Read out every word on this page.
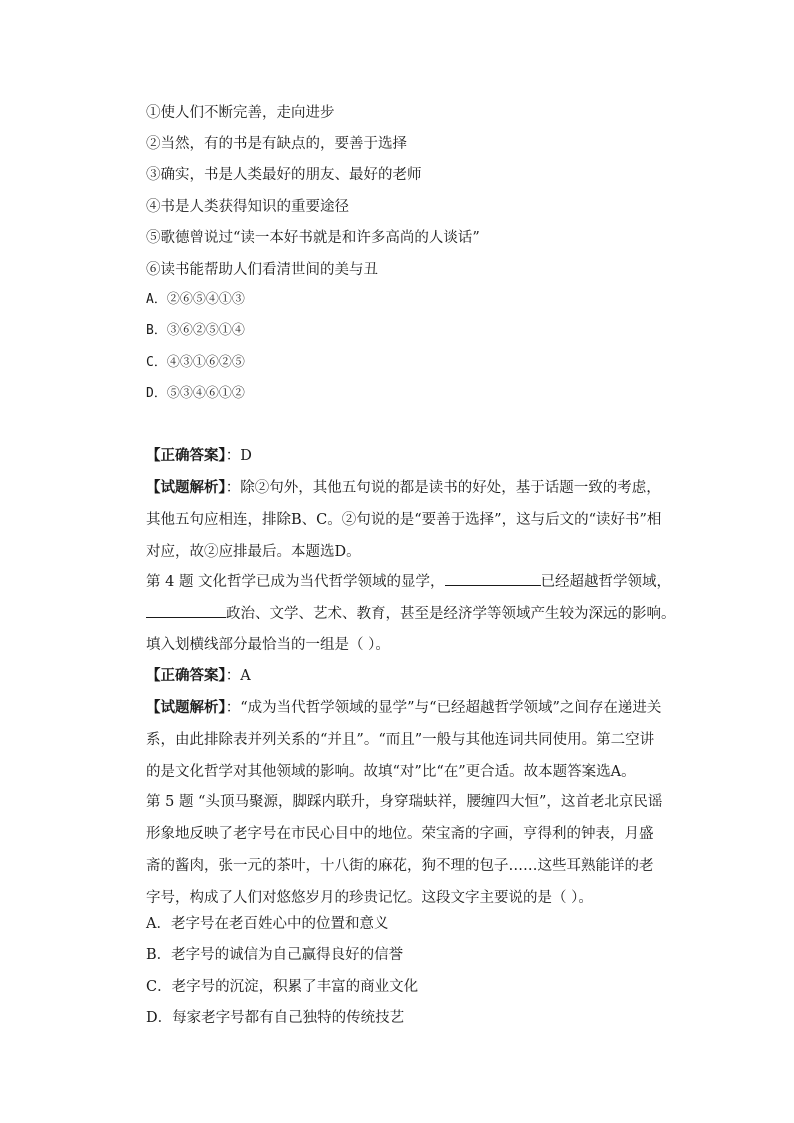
①使人们不断完善，走向进步
②当然，有的书是有缺点的，要善于选择
③确实，书是人类最好的朋友、最好的老师
④书是人类获得知识的重要途径
⑤歌德曾说过“读一本好书就是和许多高尚的人谈话”
⑥读书能帮助人们看清世间的美与丑
A．②⑥⑤④①③
B．③⑥②⑤①④
C．④③①⑥②⑤
D．⑤③④⑥①②
【正确答案】：D
【试题解析】：除②句外，其他五句说的都是读书的好处，基于话题一致的考虑，其他五句应相连，排除B、C。②句说的是“要善于选择”，这与后文的“读好书”相对应，故②应排最后。本题选D。
第 4 题 文化哲学已成为当代哲学领域的显学，	已经超越哲学领域，政治、文学、艺术、教育，甚至是经济学等领域产生较为深远的影响。
填入划横线部分最恰当的一组是（ ）。
【正确答案】：A
【试题解析】：“成为当代哲学领域的显学”与“已经超越哲学领域”之间存在递进关系，由此排除表并列关系的“并且”。“而且”一般与其他连词共同使用。第二空讲的是文化哲学对其他领域的影响。故填“对”比“在”更合适。故本题答案选A。
第 5 题 “头顶马聚源，脚踩内联升，身穿瑞蚨祥，腰缠四大恒”，这首老北京民谣形象地反映了老字号在市民心目中的地位。荣宝斋的字画，亨得利的钟表，月盛斋的酱肉，张一元的茶叶，十八街的麻花，狗不理的包子……这些耳熟能详的老字号，构成了人们对悠悠岁月的珍贵记忆。这段文字主要说的是（ ）。
A．老字号在老百姓心中的位置和意义
B．老字号的诚信为自己赢得良好的信誉
C．老字号的沉淀，积累了丰富的商业文化
D．每家老字号都有自己独特的传统技艺
